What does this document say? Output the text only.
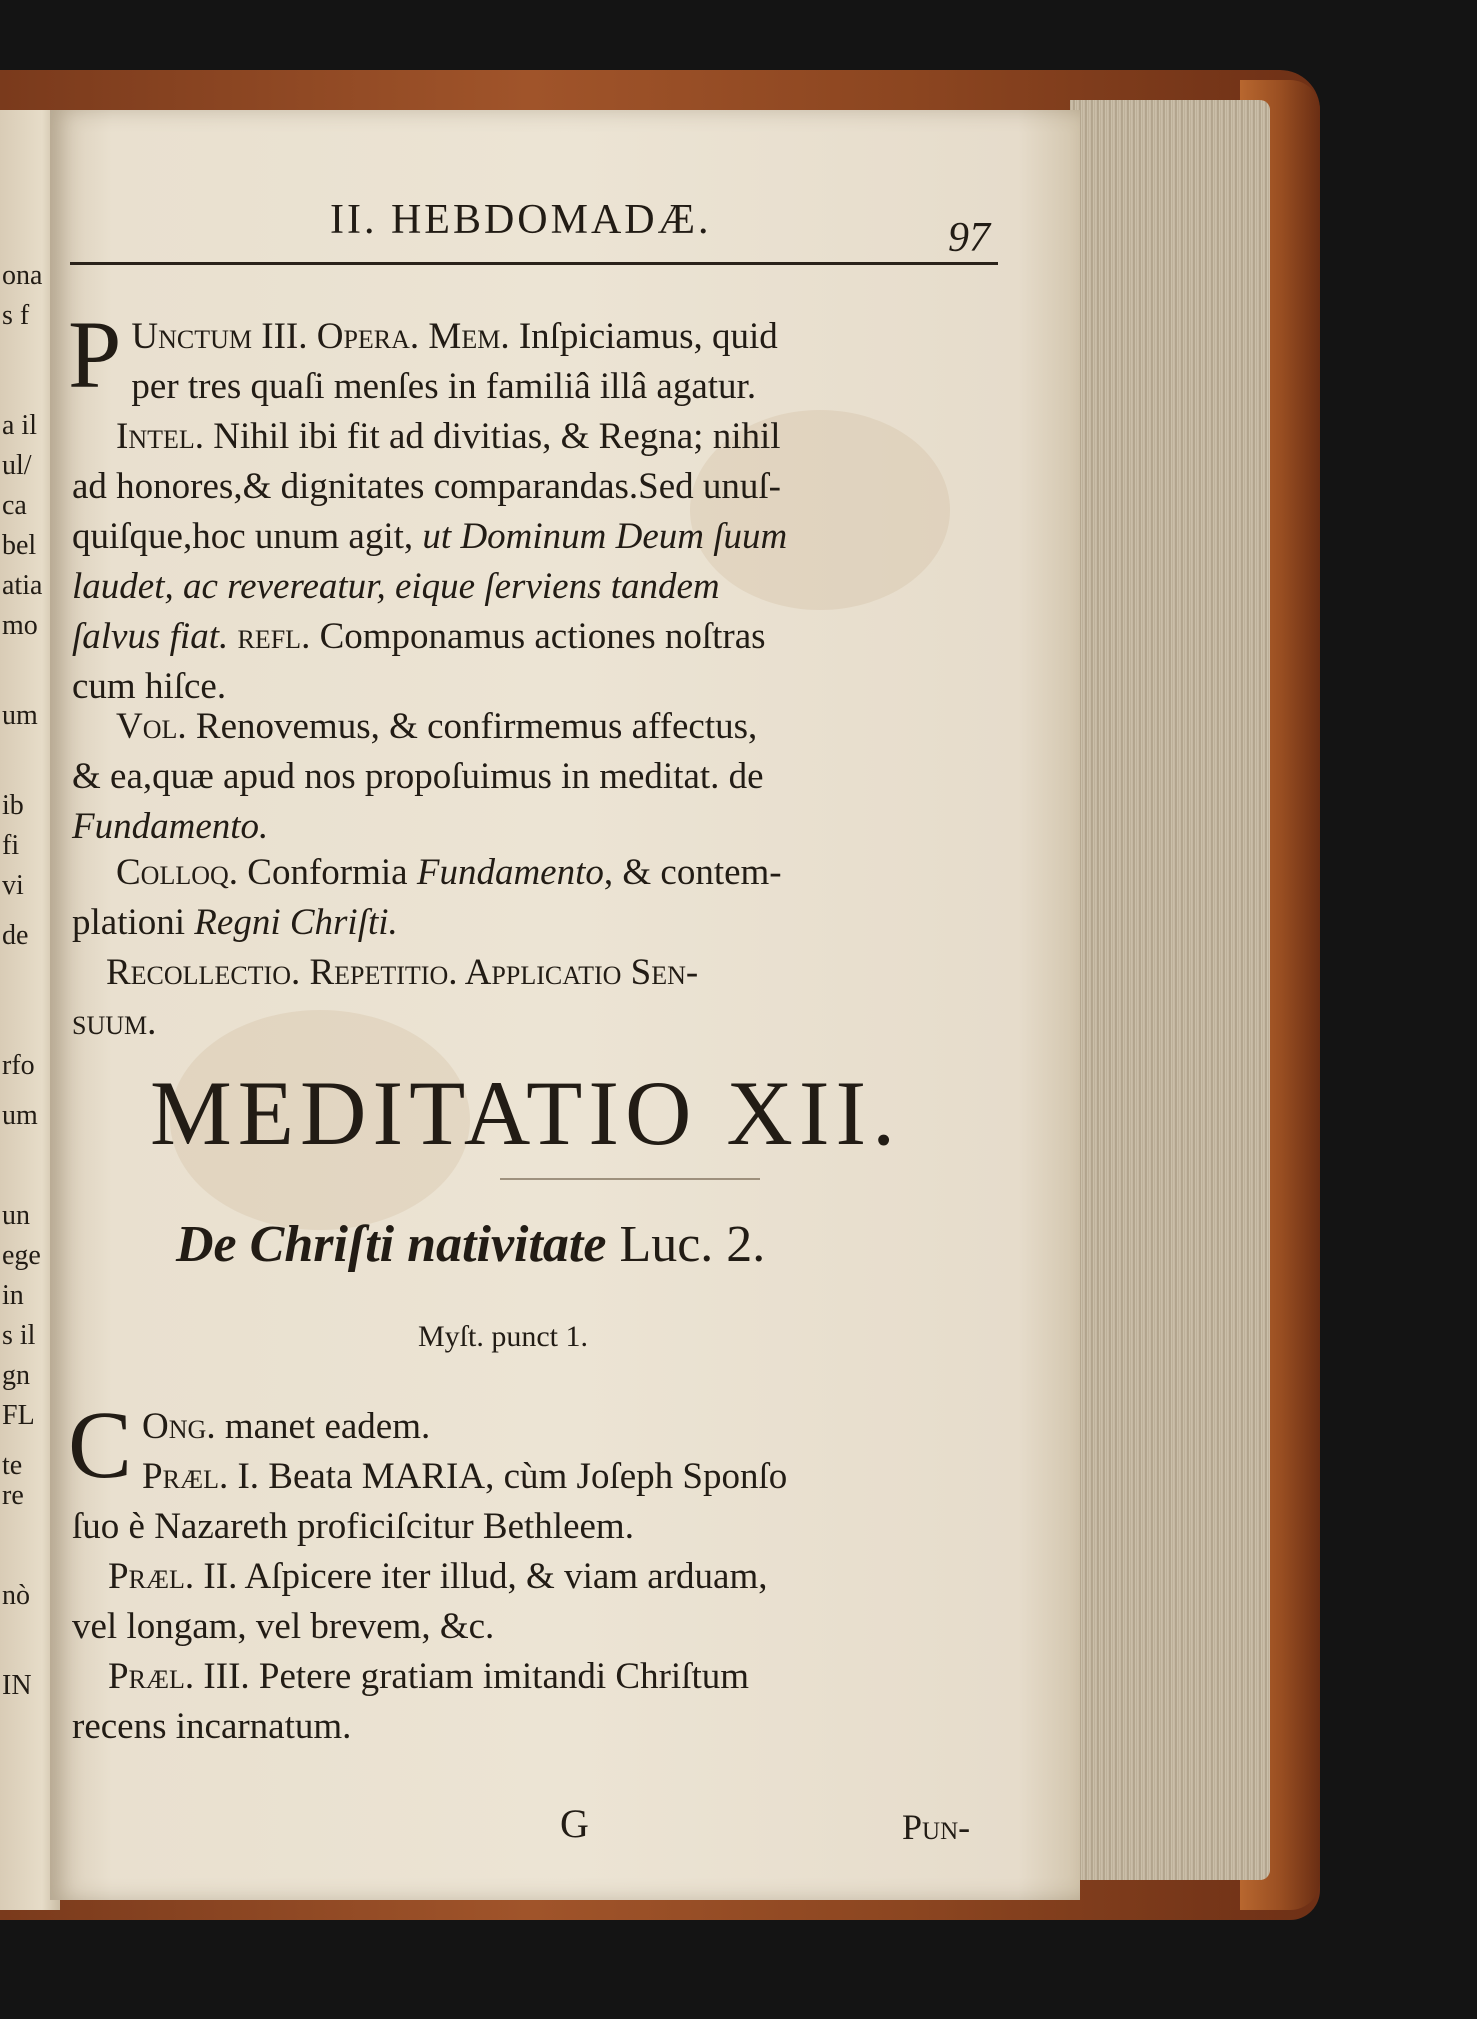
ona
s f
a il
ul/
ca
bel
atia
mo
um
ib
fi
vi
de
rfo
um
un
ege
in
s il
gn
FL
te
re
nò
IN
II. HEBDOMADÆ.	97
P Unctum III. Opera. Mem. Inſpiciamus, quid
per tres quaſi menſes in familiâ illâ agatur.
Intel. Nihil ibi fit ad divitias, & Regna; nihil
ad honores,& dignitates comparandas.Sed unuſ-
quiſque,hoc unum agit, ut Dominum Deum ſuum
laudet, ac revereatur, eique ſerviens tandem
ſalvus fiat. refl. Componamus actiones noſtras
cum hiſce.
Vol. Renovemus, & confirmemus affectus,
& ea,quæ apud nos propoſuimus in meditat. de
Fundamento.
Colloq. Conformia Fundamento, & contem-
plationi Regni Chriſti.
Recollectio. Repetitio. Applicatio Sen-
suum.
MEDITATIO XII.
De Chriſti nativitate Luc. 2.
Myſt. punct 1.
C Ong. manet eadem.
Præl. I. Beata MARIA, cùm Joſeph Sponſo
ſuo è Nazareth proficiſcitur Bethleem.
Præl. II. Aſpicere iter illud, & viam arduam,
vel longam, vel brevem, &c.
Præl. III. Petere gratiam imitandi Chriſtum
recens incarnatum.
G	Pun-
